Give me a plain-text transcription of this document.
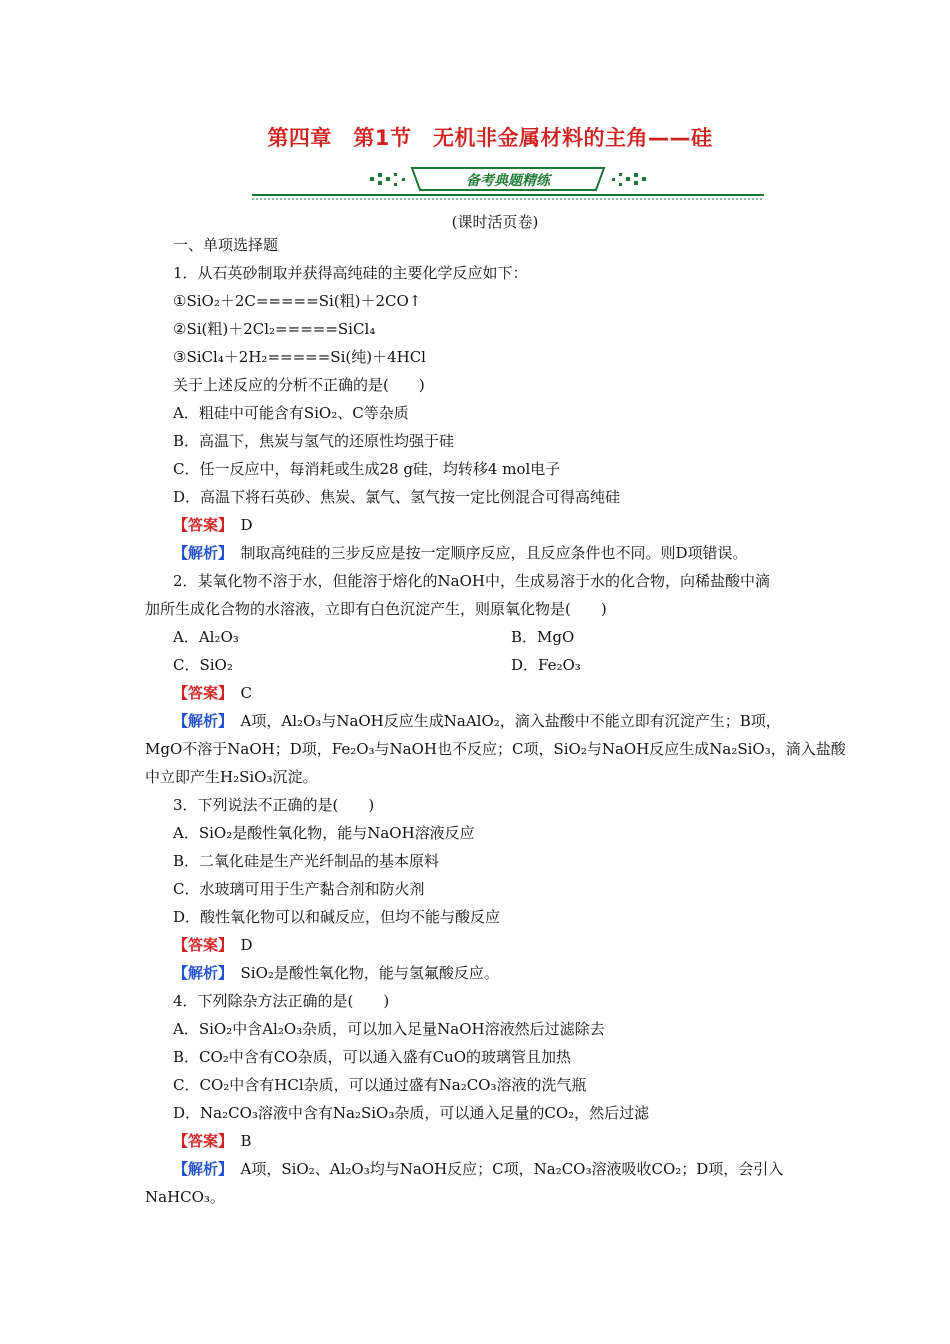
第四章　第1节　无机非金属材料的主角——硅
备考典题精练
(课时活页卷)
一、单项选择题
1．从石英砂制取并获得高纯硅的主要化学反应如下：
①SiO₂＋2C=====Si(粗)＋2CO↑
②Si(粗)＋2Cl₂=====SiCl₄
③SiCl₄＋2H₂=====Si(纯)＋4HCl
关于上述反应的分析不正确的是(　　)
A．粗硅中可能含有SiO₂、C等杂质
B．高温下，焦炭与氢气的还原性均强于硅
C．任一反应中，每消耗或生成28 g硅，均转移4 mol电子
D．高温下将石英砂、焦炭、氯气、氢气按一定比例混合可得高纯硅
【答案】　 D
【解析】　 制取高纯硅的三步反应是按一定顺序反应，且反应条件也不同。则D项错误。
2．某氧化物不溶于水，但能溶于熔化的NaOH中，生成易溶于水的化合物，向稀盐酸中滴
加所生成化合物的水溶液，立即有白色沉淀产生，则原氧化物是(　　)
A．Al₂O₃	B．MgO
C．SiO₂	D．Fe₂O₃
【答案】　 C
【解析】　 A项，Al₂O₃与NaOH反应生成NaAlO₂，滴入盐酸中不能立即有沉淀产生；B项，
MgO不溶于NaOH；D项，Fe₂O₃与NaOH也不反应；C项，SiO₂与NaOH反应生成Na₂SiO₃，滴入盐酸
中立即产生H₂SiO₃沉淀。
3．下列说法不正确的是(　　)
A．SiO₂是酸性氧化物，能与NaOH溶液反应
B．二氧化硅是生产光纤制品的基本原料
C．水玻璃可用于生产黏合剂和防火剂
D．酸性氧化物可以和碱反应，但均不能与酸反应
【答案】　 D
【解析】　 SiO₂是酸性氧化物，能与氢氟酸反应。
4．下列除杂方法正确的是(　　)
A．SiO₂中含Al₂O₃杂质，可以加入足量NaOH溶液然后过滤除去
B．CO₂中含有CO杂质，可以通入盛有CuO的玻璃管且加热
C．CO₂中含有HCl杂质，可以通过盛有Na₂CO₃溶液的洗气瓶
D．Na₂CO₃溶液中含有Na₂SiO₃杂质，可以通入足量的CO₂，然后过滤
【答案】　 B
【解析】　 A项，SiO₂、Al₂O₃均与NaOH反应；C项，Na₂CO₃溶液吸收CO₂；D项，会引入
NaHCO₃。
